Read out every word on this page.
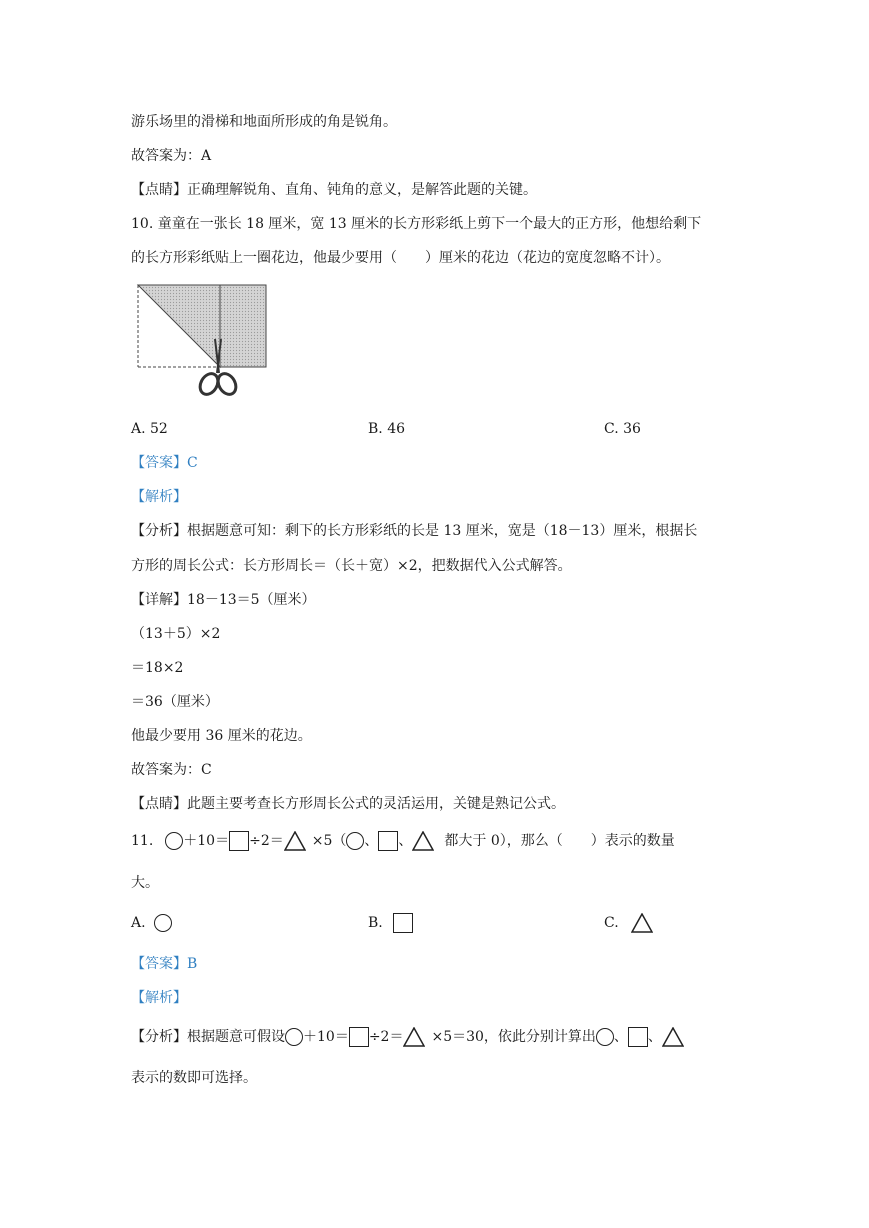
游乐场里的滑梯和地面所形成的角是锐角。
故答案为：A
【点睛】正确理解锐角、直角、钝角的意义，是解答此题的关键。
10. 童童在一张长 18 厘米，宽 13 厘米的长方形彩纸上剪下一个最大的正方形，他想给剩下
的长方形彩纸贴上一圈花边，他最少要用（　　）厘米的花边（花边的宽度忽略不计）。
A. 52	B. 46	C. 36
【答案】C
【解析】
【分析】根据题意可知：剩下的长方形彩纸的长是 13 厘米，宽是（18－13）厘米，根据长
方形的周长公式：长方形周长＝（长＋宽）×2，把数据代入公式解答。
【详解】18－13＝5（厘米）
（13＋5）×2
＝18×2
＝36（厘米）
他最少要用 36 厘米的花边。
故答案为：C
【点睛】此题主要考查长方形周长公式的灵活运用，关键是熟记公式。
11. ＋10＝ ÷2＝ ×5（ 、 、 都大于 0），那么（　　）表示的数量
大。
A.	B.	C.
【答案】B
【解析】
【分析】根据题意可假设 ＋10＝ ÷2＝ ×5＝30，依此分别计算出 、 、
表示的数即可选择。
